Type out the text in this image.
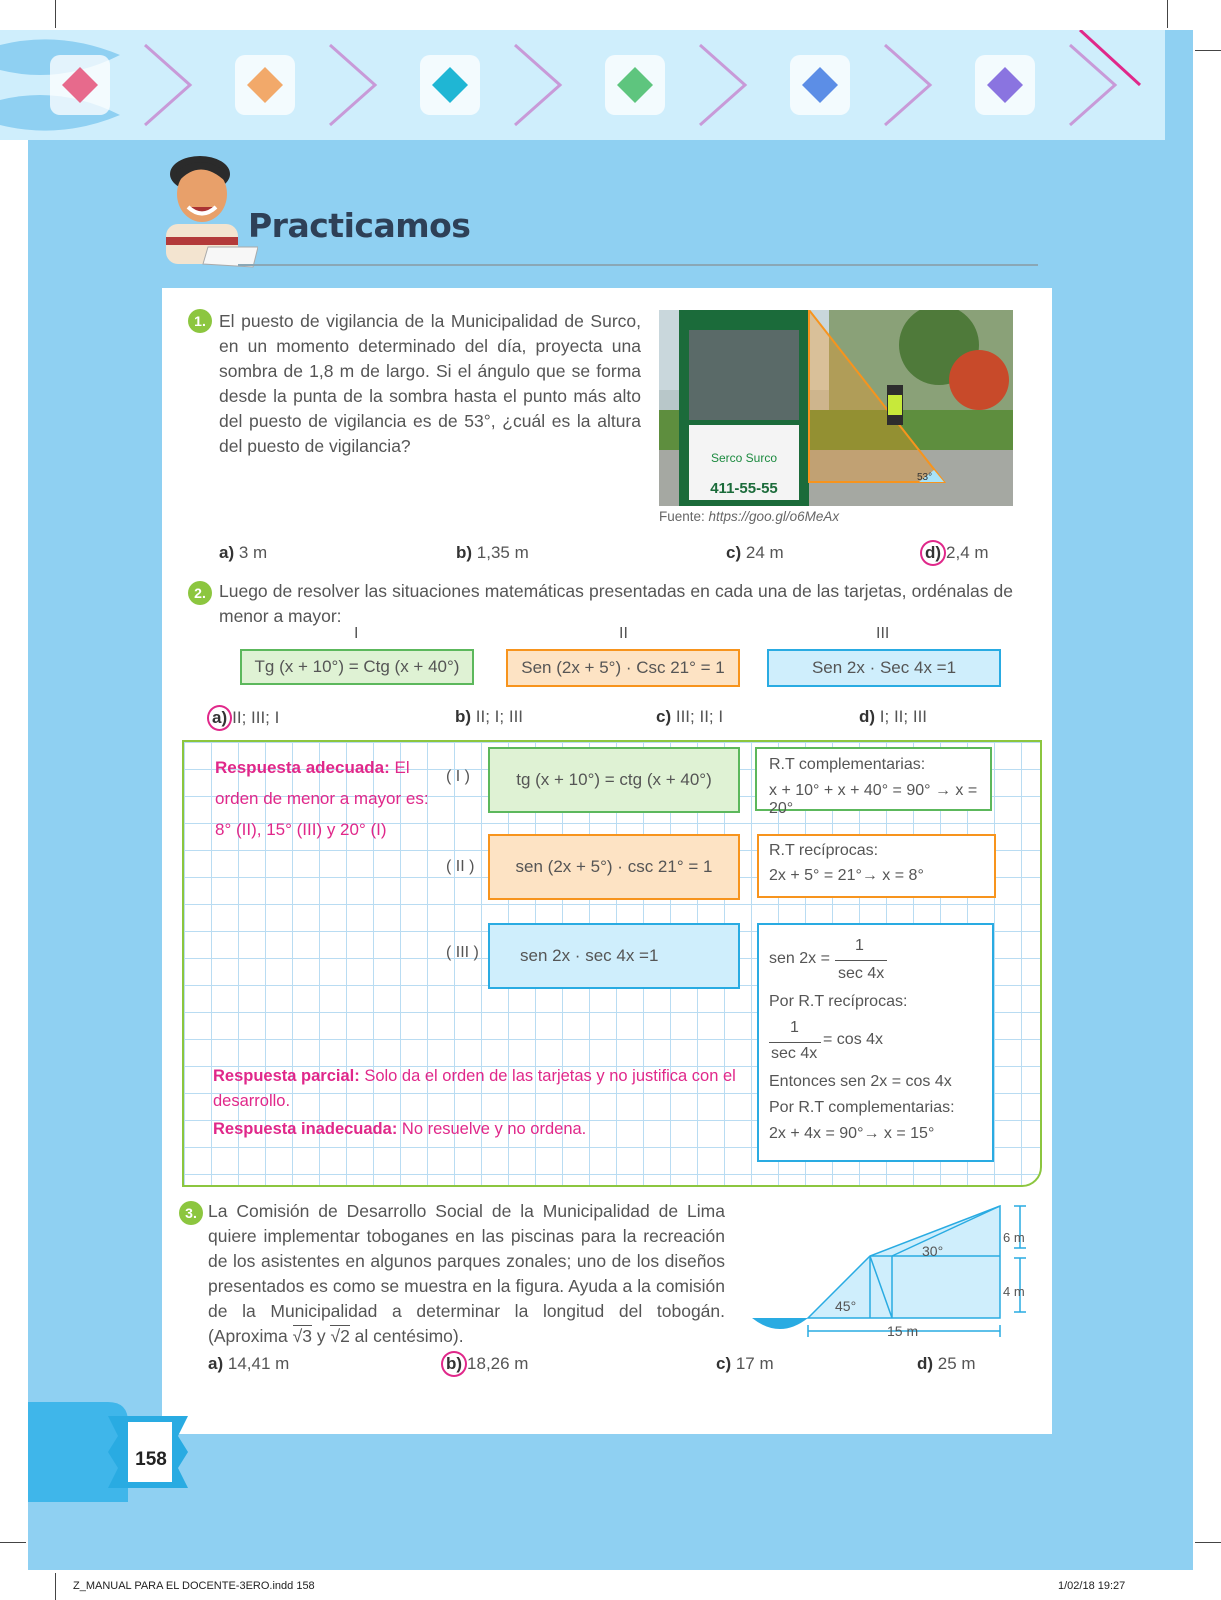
Practicamos
1. El puesto de vigilancia de la Municipalidad de Surco, en un momento determinado del día, proyecta una sombra de 1,8 m de largo. Si el ángulo que se forma desde la punta de la sombra hasta el punto más alto del puesto de vigilancia es de 53°, ¿cuál es la altura del puesto de vigilancia?
Serco Surco
411-55-55
53°
Fuente: https://goo.gl/o6MeAx
a) 3 m	b) 1,35 m	c) 24 m	d) 2,4 m
2. Luego de resolver las situaciones matemáticas presentadas en cada una de las tarjetas, ordénalas de menor a mayor:
I	II	III
Tg (x + 10°) = Ctg (x + 40°)	Sen (2x + 5°) · Csc 21° = 1	Sen 2x · Sec 4x =1
a) II; III; I	b) II; I; III	c) III; II; I	d) I; II; III
Respuesta adecuada: El
orden de menor a mayor es:
8° (II), 15° (III) y 20° (I)
( I )	tg (x + 10°) = ctg (x + 40°)
R.T complementarias:
x + 10° + x + 40° = 90° → x = 20°
( II )	sen (2x + 5°) · csc 21° = 1
R.T recíprocas:
2x + 5° = 21°→ x = 8°
( III )	sen 2x · sec 4x =1	sen 2x =
1
sec 4x
Por R.T recíprocas:
1
= cos 4x
sec 4x
Entonces sen 2x = cos 4x
Por R.T complementarias:
2x + 4x = 90°→ x = 15°
Respuesta parcial: Solo da el orden de las tarjetas y no justifica con el desarrollo.
Respuesta inadecuada: No resuelve y no ordena.
3. La Comisión de Desarrollo Social de la Municipalidad de Lima quiere implementar toboganes en las piscinas para la recreación de los asistentes en algunos parques zonales; uno de los diseños presentados es como se muestra en la figura. Ayuda a la comisión de la Municipalidad a determinar la longitud del tobogán. (Aproxima √3 y √2 al centésimo).
30°
45°
6 m
4 m
15 m
a) 14,41 m	b) 18,26 m	c) 17 m	d) 25 m
158
Z_MANUAL PARA EL DOCENTE-3ERO.indd 158	1/02/18 19:27
